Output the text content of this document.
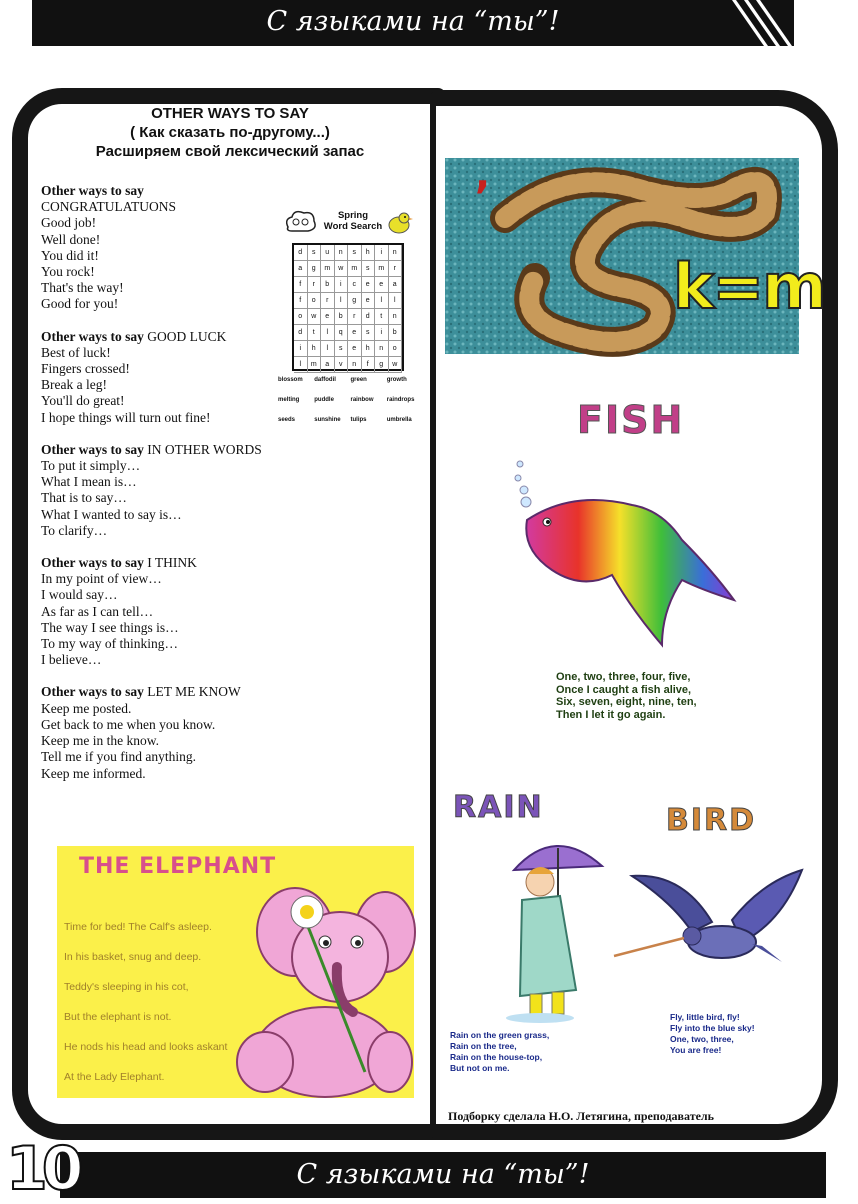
С языками на “ты”!
OTHER WAYS TO SAY
( Как сказать по-другому...)
Расширяем свой лексический запас
Other ways to say CONGRATULATUONS
Good job!
Well done!
You did it!
You rock!
That's the way!
Good for you!
Other ways to say GOOD LUCK
Best of luck!
Fingers crossed!
Break a leg!
You'll do great!
I hope things will turn out fine!
Other ways to say IN OTHER WORDS
To put it simply…
What I mean is…
That is to say…
What I wanted to say is…
To clarify…
Other ways to say I THINK
In my point of view…
I would say…
As far as I can tell…
The way I see things is…
To my way of thinking…
I believe…
Other ways to say LET ME KNOW
Keep me posted.
Get back to me when you know.
Keep me in the know.
Tell me if you find anything.
Keep me informed.
Spring
Word Search
d	s	u	n	s	h	i	n
a	g	m	w	m	s	m	r
f	r	b	i	c	e	e	a
f	o	r	l	g	e	l	l
o	w	e	b	r	d	t	n
d	t	l	q	e	s	i	b
i	h	l	s	e	h	n	o
l	m	a	v	n	f	g	w
blossom	daffodil	green	growth
melting	puddle	rainbow	raindrops
seeds	sunshine	tulips	umbrella
THE ELEPHANT
Time for bed! The Calf's asleep.
In his basket, snug and deep.
Teddy's sleeping in his cot,
But the elephant is not.
He nods his head and looks askant
At the Lady Elephant.
,
k=m
FISH
One, two, three, four, five,
Once I caught a fish alive,
Six, seven, eight, nine, ten,
Then I let it go again.
RAIN
Rain on the green grass,
Rain on the tree,
Rain on the house-top,
But not on me.
BIRD
Fly, little bird, fly!
Fly into the blue sky!
One, two, three,
You are free!
Подборку сделала Н.О. Летягина, преподаватель
С языками на “ты”!
10
